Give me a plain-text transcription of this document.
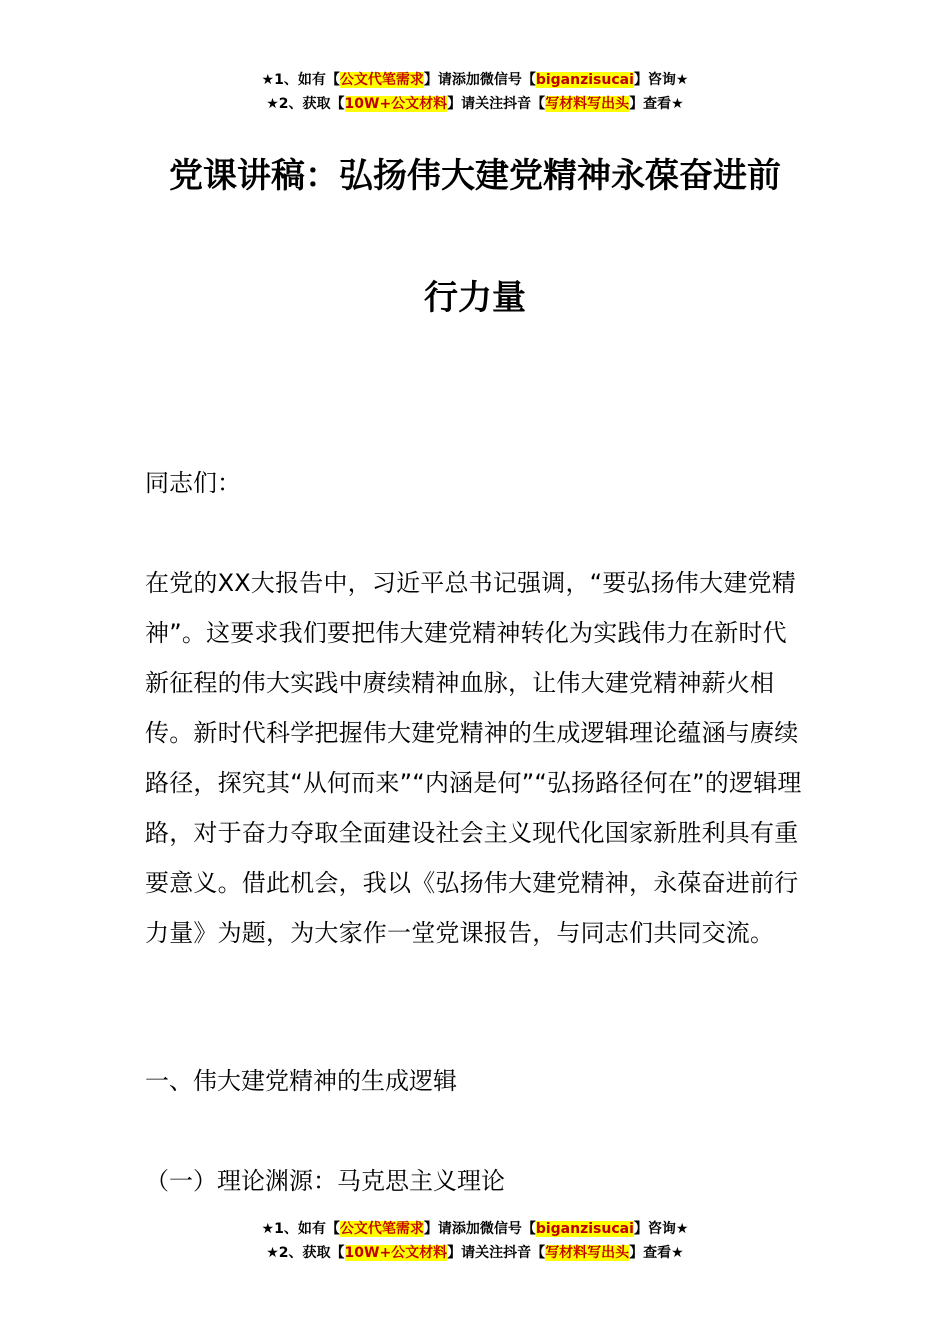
★1、如有【公文代笔需求】请添加微信号【biganzisucai】咨询★
★2、获取【10W+公文材料】请关注抖音【写材料写出头】查看★
党课讲稿：弘扬伟大建党精神永葆奋进前
行力量
同志们：
在党的XX大报告中，习近平总书记强调，“要弘扬伟大建党精神”。这要求我们要把伟大建党精神转化为实践伟力在新时代新征程的伟大实践中赓续精神血脉，让伟大建党精神薪火相传。新时代科学把握伟大建党精神的生成逻辑理论蕴涵与赓续路径，探究其“从何而来”“内涵是何”“弘扬路径何在”的逻辑理路，对于奋力夺取全面建设社会主义现代化国家新胜利具有重要意义。借此机会，我以《弘扬伟大建党精神，永葆奋进前行力量》为题，为大家作一堂党课报告，与同志们共同交流。
一、伟大建党精神的生成逻辑
（一）理论渊源：马克思主义理论
★1、如有【公文代笔需求】请添加微信号【biganzisucai】咨询★
★2、获取【10W+公文材料】请关注抖音【写材料写出头】查看★
